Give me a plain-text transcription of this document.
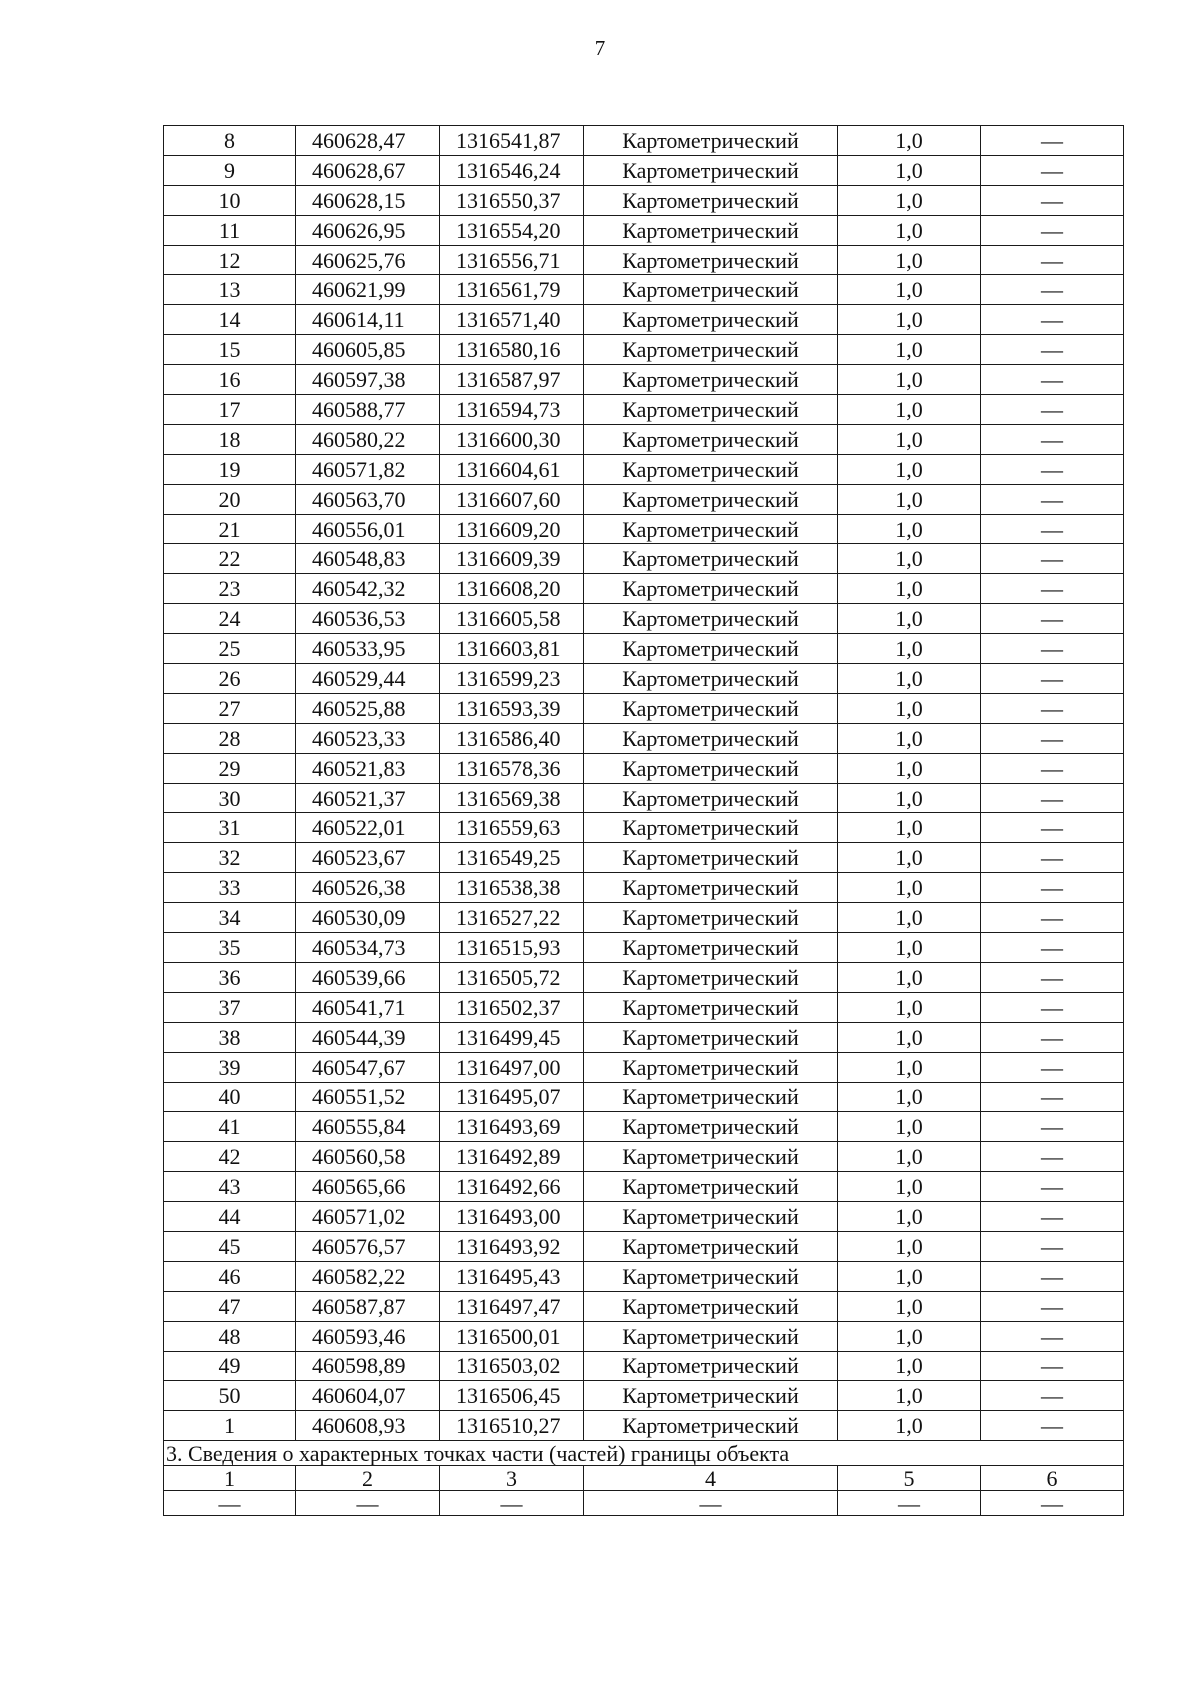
7
8	460628,47	1316541,87	Картометрический	1,0	—
9	460628,67	1316546,24	Картометрический	1,0	—
10	460628,15	1316550,37	Картометрический	1,0	—
11	460626,95	1316554,20	Картометрический	1,0	—
12	460625,76	1316556,71	Картометрический	1,0	—
13	460621,99	1316561,79	Картометрический	1,0	—
14	460614,11	1316571,40	Картометрический	1,0	—
15	460605,85	1316580,16	Картометрический	1,0	—
16	460597,38	1316587,97	Картометрический	1,0	—
17	460588,77	1316594,73	Картометрический	1,0	—
18	460580,22	1316600,30	Картометрический	1,0	—
19	460571,82	1316604,61	Картометрический	1,0	—
20	460563,70	1316607,60	Картометрический	1,0	—
21	460556,01	1316609,20	Картометрический	1,0	—
22	460548,83	1316609,39	Картометрический	1,0	—
23	460542,32	1316608,20	Картометрический	1,0	—
24	460536,53	1316605,58	Картометрический	1,0	—
25	460533,95	1316603,81	Картометрический	1,0	—
26	460529,44	1316599,23	Картометрический	1,0	—
27	460525,88	1316593,39	Картометрический	1,0	—
28	460523,33	1316586,40	Картометрический	1,0	—
29	460521,83	1316578,36	Картометрический	1,0	—
30	460521,37	1316569,38	Картометрический	1,0	—
31	460522,01	1316559,63	Картометрический	1,0	—
32	460523,67	1316549,25	Картометрический	1,0	—
33	460526,38	1316538,38	Картометрический	1,0	—
34	460530,09	1316527,22	Картометрический	1,0	—
35	460534,73	1316515,93	Картометрический	1,0	—
36	460539,66	1316505,72	Картометрический	1,0	—
37	460541,71	1316502,37	Картометрический	1,0	—
38	460544,39	1316499,45	Картометрический	1,0	—
39	460547,67	1316497,00	Картометрический	1,0	—
40	460551,52	1316495,07	Картометрический	1,0	—
41	460555,84	1316493,69	Картометрический	1,0	—
42	460560,58	1316492,89	Картометрический	1,0	—
43	460565,66	1316492,66	Картометрический	1,0	—
44	460571,02	1316493,00	Картометрический	1,0	—
45	460576,57	1316493,92	Картометрический	1,0	—
46	460582,22	1316495,43	Картометрический	1,0	—
47	460587,87	1316497,47	Картометрический	1,0	—
48	460593,46	1316500,01	Картометрический	1,0	—
49	460598,89	1316503,02	Картометрический	1,0	—
50	460604,07	1316506,45	Картометрический	1,0	—
1	460608,93	1316510,27	Картометрический	1,0	—
3. Сведения о характерных точках части (частей) границы объекта					
1	2	3	4	5	6
—	—	—	—	—	—
